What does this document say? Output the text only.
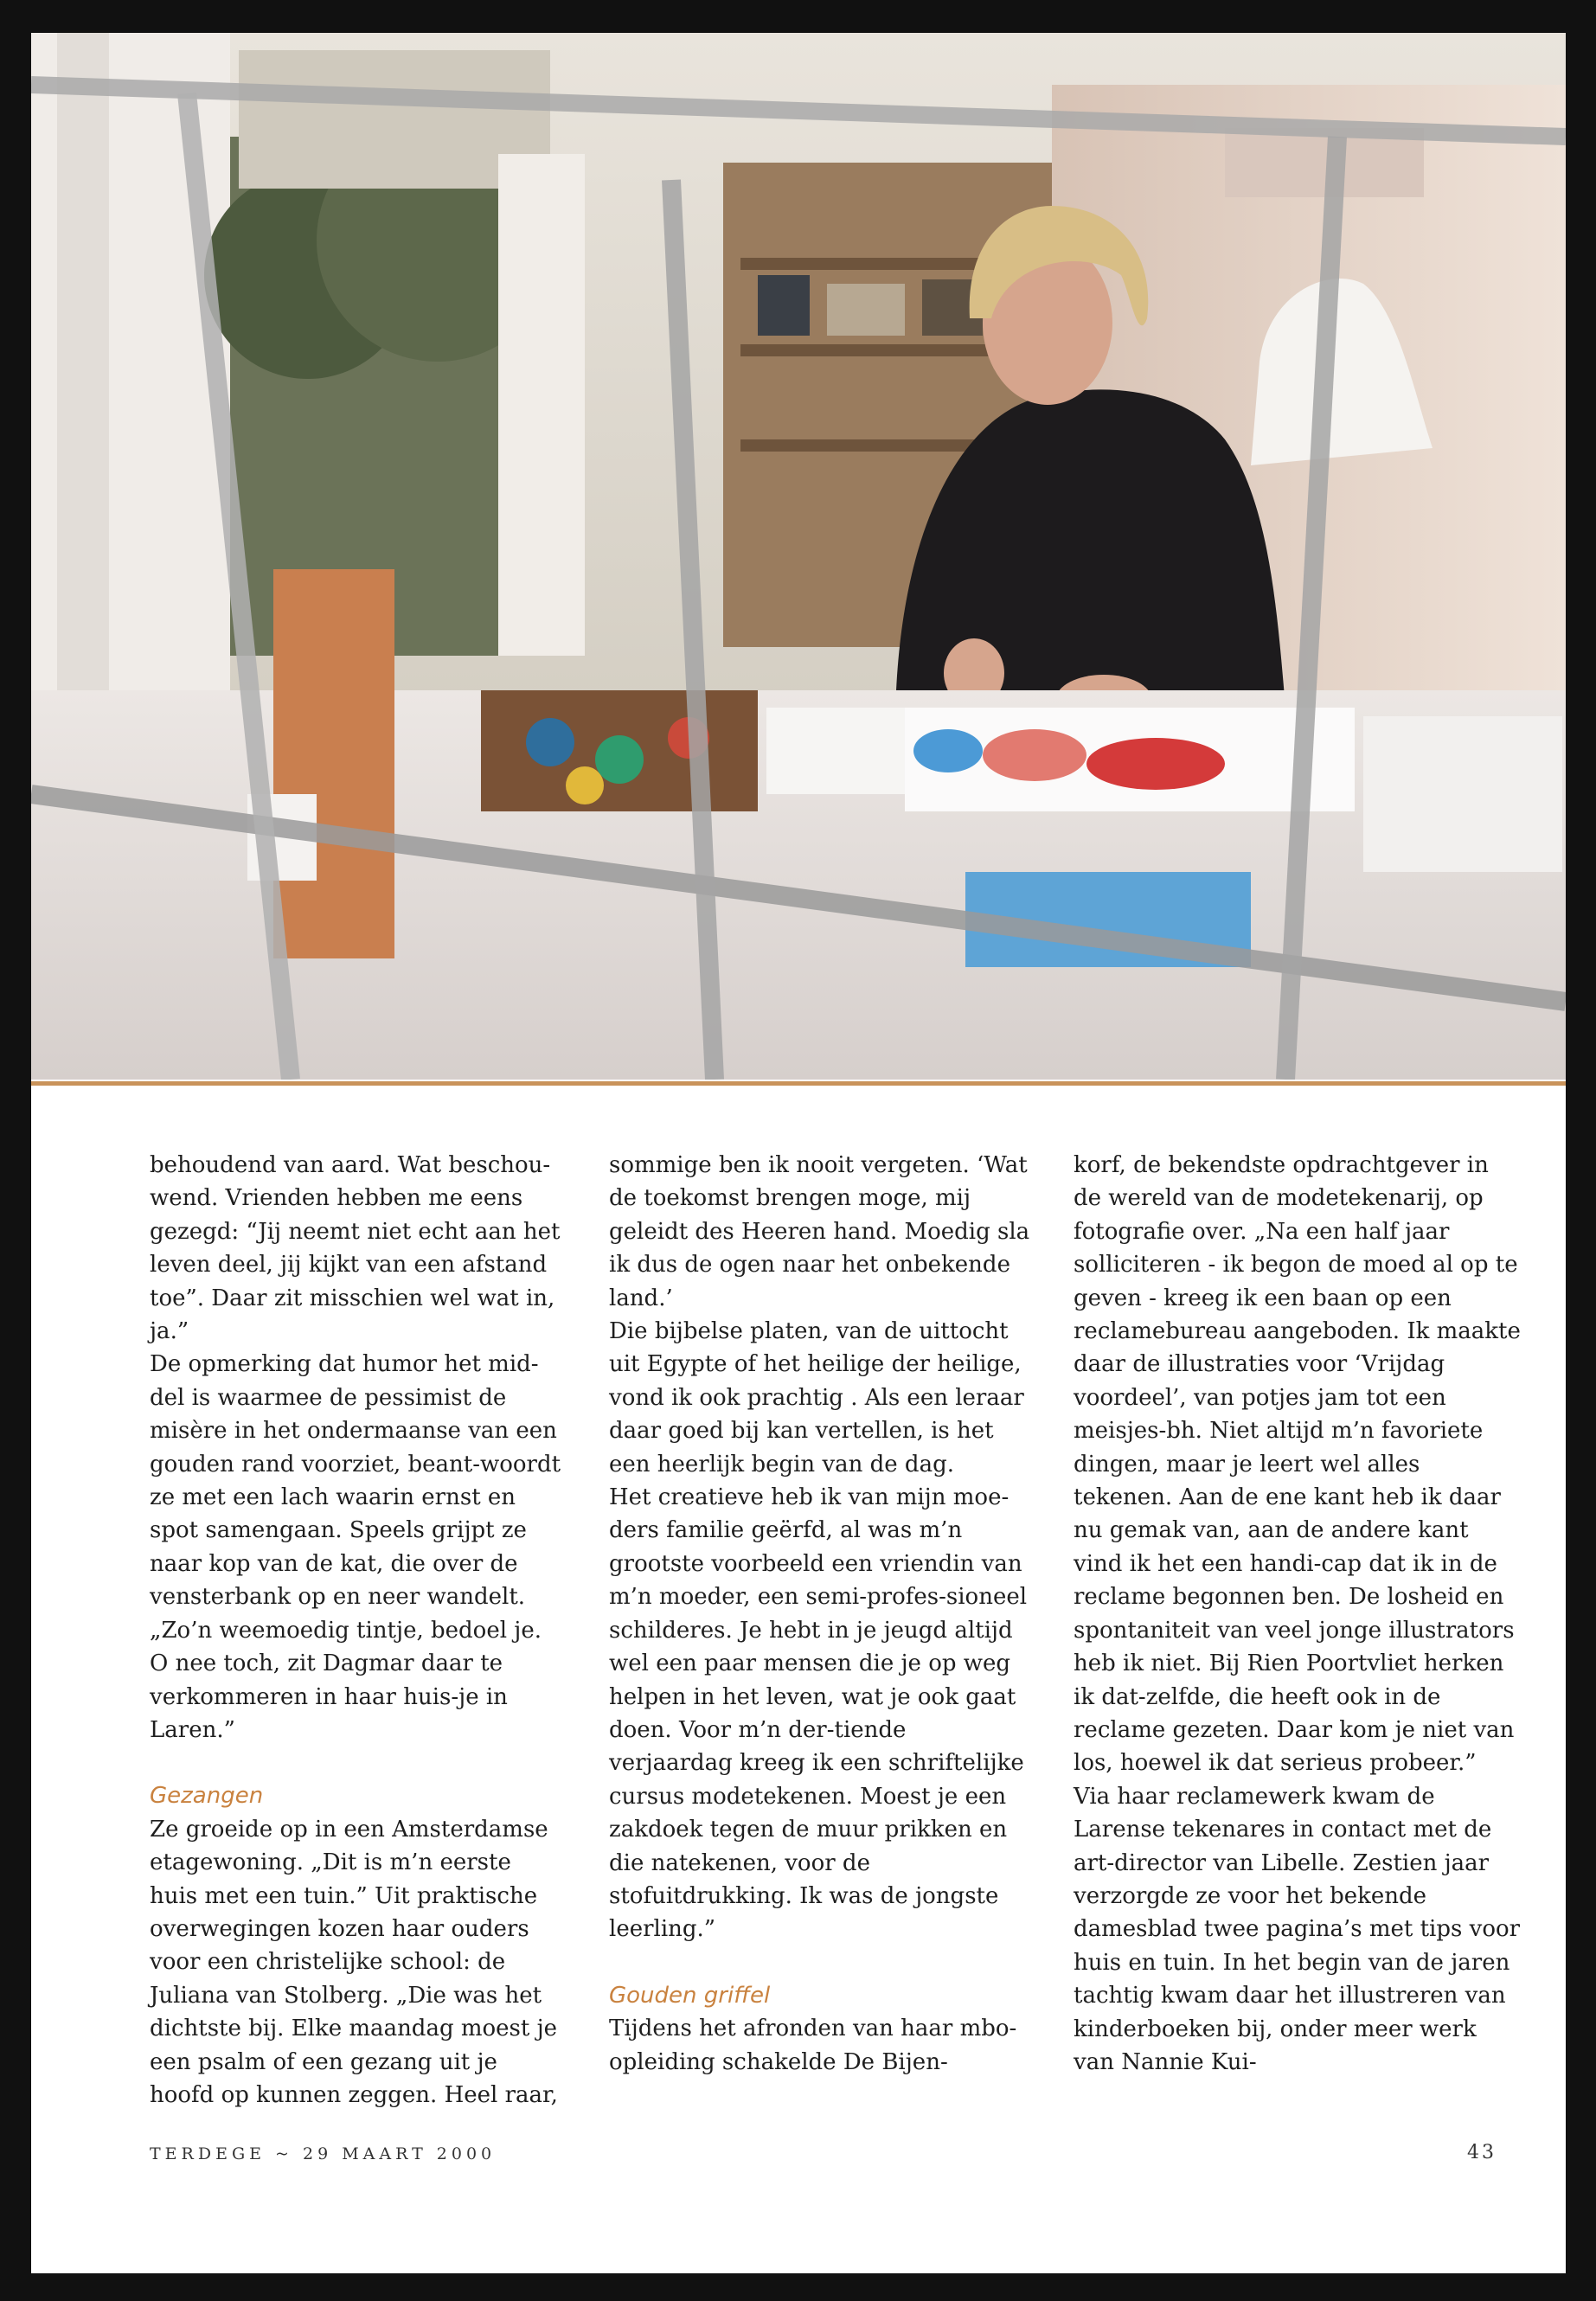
behoudend van aard. Wat beschou-wend. Vrienden hebben me eens gezegd: “Jij neemt niet echt aan het leven deel, jij kijkt van een afstand toe”. Daar zit misschien wel wat in, ja.”

De opmerking dat humor het mid-del is waarmee de pessimist de misère in het ondermaanse van een gouden rand voorziet, beant-woordt ze met een lach waarin ernst en spot samengaan. Speels grijpt ze naar kop van de kat, die over de vensterbank op en neer wandelt. „Zo’n weemoedig tintje, bedoel je. O nee toch, zit Dagmar daar te verkommeren in haar huis-je in Laren.”

Gezangen

Ze groeide op in een Amsterdamse etagewoning. „Dit is m’n eerste huis met een tuin.” Uit praktische overwegingen kozen haar ouders voor een christelijke school: de Juliana van Stolberg. „Die was het dichtste bij. Elke maandag moest je een psalm of een gezang uit je hoofd op kunnen zeggen. Heel raar,

sommige ben ik nooit vergeten. ‘Wat de toekomst brengen moge, mij geleidt des Heeren hand. Moedig sla ik dus de ogen naar het onbekende land.’

Die bijbelse platen, van de uittocht uit Egypte of het heilige der heilige, vond ik ook prachtig . Als een leraar daar goed bij kan vertellen, is het een heerlijk begin van de dag.

Het creatieve heb ik van mijn moe-ders familie geërfd, al was m’n grootste voorbeeld een vriendin van m’n moeder, een semi-profes-sioneel schilderes. Je hebt in je jeugd altijd wel een paar mensen die je op weg helpen in het leven, wat je ook gaat doen. Voor m’n der-tiende verjaardag kreeg ik een schriftelijke cursus modetekenen. Moest je een zakdoek tegen de muur prikken en die natekenen, voor de stofuitdrukking. Ik was de jongste leerling.”

Gouden griffel

Tijdens het afronden van haar mbo-opleiding schakelde De Bijen-

korf, de bekendste opdrachtgever in de wereld van de modetekenarij, op fotografie over. „Na een half jaar solliciteren - ik begon de moed al op te geven - kreeg ik een baan op een reclamebureau aangeboden. Ik maakte daar de illustraties voor ‘Vrijdag voordeel’, van potjes jam tot een meisjes-bh. Niet altijd m’n favoriete dingen, maar je leert wel alles tekenen. Aan de ene kant heb ik daar nu gemak van, aan de andere kant vind ik het een handi-cap dat ik in de reclame begonnen ben. De losheid en spontaniteit van veel jonge illustrators heb ik niet. Bij Rien Poortvliet herken ik dat-zelfde, die heeft ook in de reclame gezeten. Daar kom je niet van los, hoewel ik dat serieus probeer.”

Via haar reclamewerk kwam de Larense tekenares in contact met de art-director van Libelle. Zestien jaar verzorgde ze voor het bekende damesblad twee pagina’s met tips voor huis en tuin. In het begin van de jaren tachtig kwam daar het illustreren van kinderboeken bij, onder meer werk van Nannie Kui-

TERDEGE ~ 29 MAART 2000	43
